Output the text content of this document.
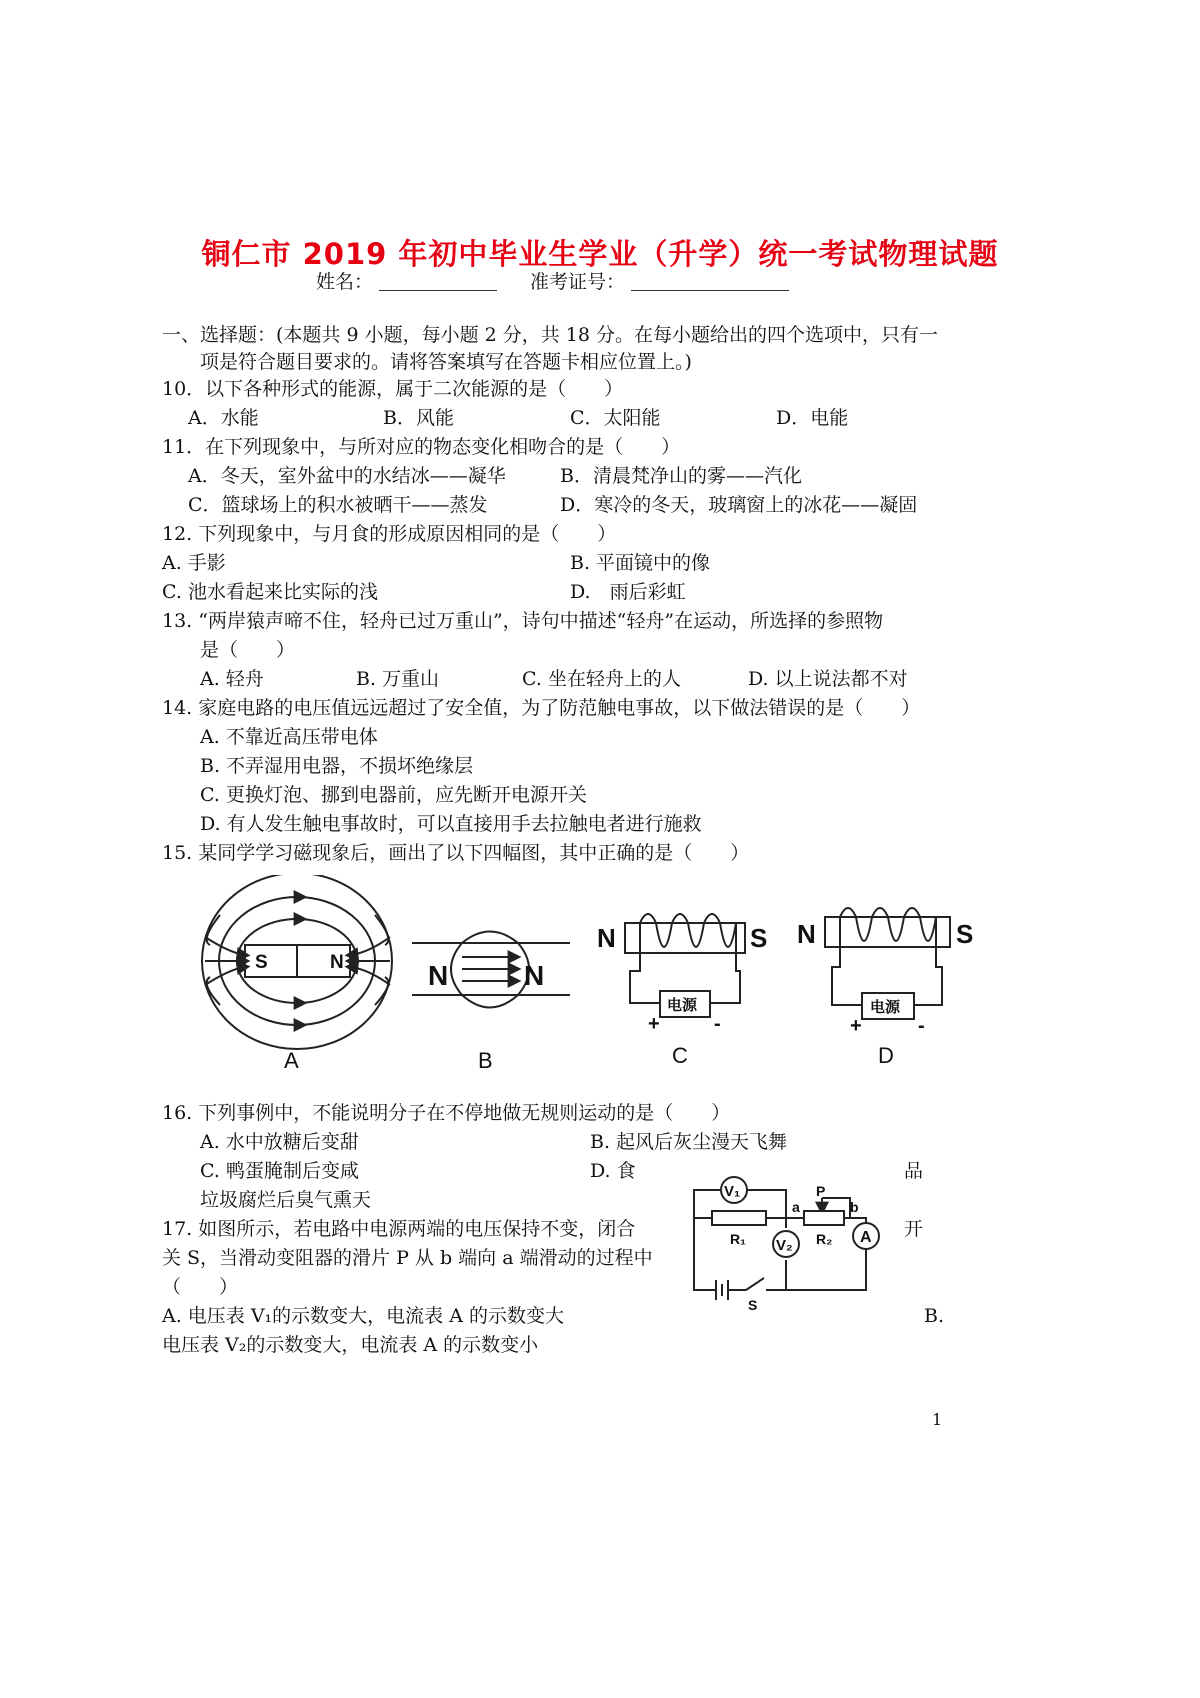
铜仁市 2019 年初中毕业生学业（升学）统一考试物理试题
姓名：	准考证号：
一、选择题：(本题共 9 小题，每小题 2 分，共 18 分。在每小题给出的四个选项中，只有一
项是符合题目要求的。请将答案填写在答题卡相应位置上。)
10．以下各种形式的能源，属于二次能源的是（　　）
A．水能	B．风能	C．太阳能	D．电能
11．在下列现象中，与所对应的物态变化相吻合的是（　　）
A．冬天，室外盆中的水结冰——凝华	B．清晨梵净山的雾——汽化
C．篮球场上的积水被晒干——蒸发	D．寒冷的冬天，玻璃窗上的冰花——凝固
12. 下列现象中，与月食的形成原因相同的是（　　）
A. 手影	B. 平面镜中的像
C. 池水看起来比实际的浅	D.　雨后彩虹
13. “两岸猿声啼不住，轻舟已过万重山”，诗句中描述“轻舟”在运动，所选择的参照物
是（　　）
A. 轻舟	B. 万重山	C. 坐在轻舟上的人	D. 以上说法都不对
14. 家庭电路的电压值远远超过了安全值，为了防范触电事故，以下做法错误的是（　　）
A. 不靠近高压带电体
B. 不弄湿用电器，不损坏绝缘层
C. 更换灯泡、挪到电器前，应先断开电源开关
D. 有人发生触电事故时，可以直接用手去拉触电者进行施救
15. 某同学学习磁现象后，画出了以下四幅图，其中正确的是（　　）
S	N
A
N	N
B
N	S
电源
+	-
C
N	S
电源
+	-
D
16. 下列事例中，不能说明分子在不停地做无规则运动的是（　　）
A. 水中放糖后变甜	B. 起风后灰尘漫天飞舞
C. 鸭蛋腌制后变咸	D. 食	品
垃圾腐烂后臭气熏天
17. 如图所示，若电路中电源两端的电压保持不变，闭合	开
关 S，当滑动变阻器的滑片 P 从 b 端向 a 端滑动的过程中
（　　）
A. 电压表 V₁的示数变大，电流表 A 的示数变大	B.
电压表 V₂的示数变大，电流表 A 的示数变小
V₁
V₂	A
R₁	R₂
P
a	b
S
1
